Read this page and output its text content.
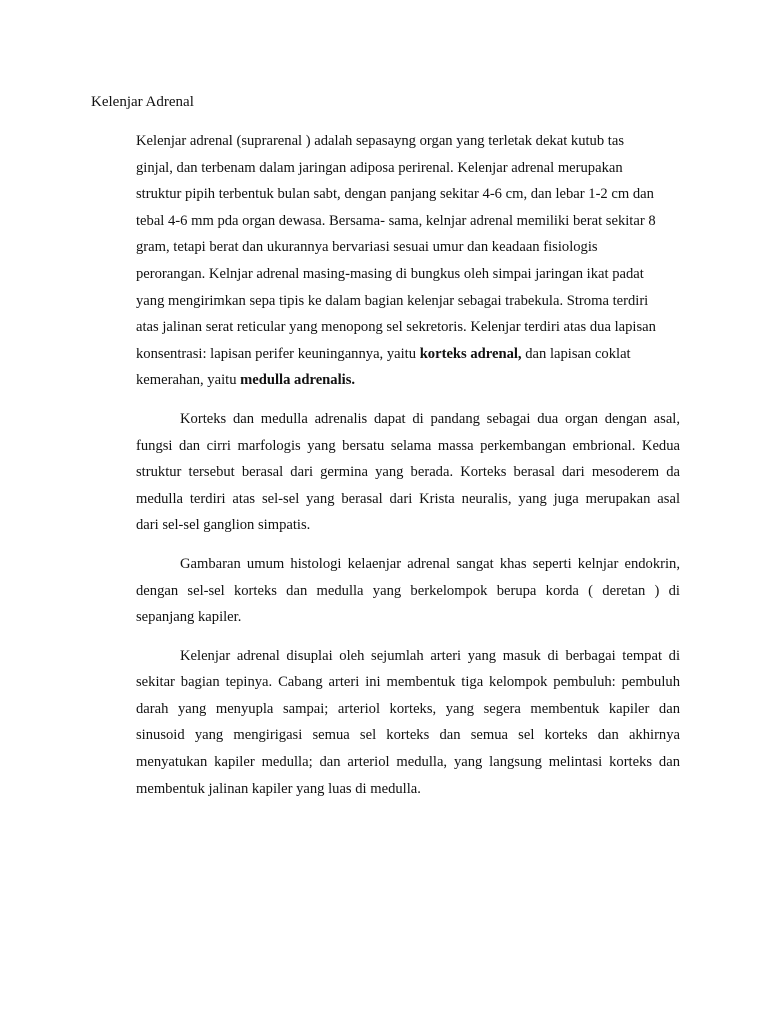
Kelenjar Adrenal

Kelenjar adrenal (suprarenal ) adalah sepasayng organ yang terletak dekat kutub tas
ginjal, dan terbenam dalam jaringan adiposa perirenal. Kelenjar adrenal merupakan
struktur pipih terbentuk bulan sabt, dengan panjang sekitar 4-6 cm, dan lebar 1-2 cm dan
tebal 4-6 mm pda organ dewasa. Bersama- sama, kelnjar adrenal memiliki berat sekitar 8
gram, tetapi berat dan ukurannya bervariasi sesuai umur dan keadaan fisiologis
perorangan. Kelnjar adrenal masing-masing di bungkus oleh simpai jaringan ikat padat
yang mengirimkan sepa tipis ke dalam bagian kelenjar sebagai trabekula. Stroma terdiri
atas jalinan serat reticular yang menopong sel sekretoris. Kelenjar terdiri atas dua lapisan
konsentrasi: lapisan perifer keuningannya, yaitu korteks adrenal, dan lapisan coklat
kemerahan, yaitu medulla adrenalis.

Korteks dan medulla adrenalis dapat di pandang sebagai dua organ dengan asal,
fungsi dan cirri marfologis yang bersatu selama massa perkembangan embrional. Kedua
struktur tersebut berasal dari germina yang berada. Korteks berasal dari mesoderem da
medulla terdiri atas sel-sel yang berasal dari Krista neuralis, yang juga merupakan asal
dari sel-sel ganglion simpatis.

Gambaran umum histologi kelaenjar adrenal sangat khas seperti kelnjar endokrin,
dengan sel-sel korteks dan medulla yang berkelompok berupa korda ( deretan ) di
sepanjang kapiler.

Kelenjar adrenal disuplai oleh sejumlah arteri yang masuk di berbagai tempat di
sekitar bagian tepinya. Cabang arteri ini membentuk tiga kelompok pembuluh: pembuluh
darah yang menyupla sampai; arteriol korteks, yang segera membentuk kapiler dan
sinusoid yang mengirigasi semua sel korteks dan semua sel korteks dan akhirnya
menyatukan kapiler medulla; dan arteriol medulla, yang langsung melintasi korteks dan
membentuk jalinan kapiler yang luas di medulla.
